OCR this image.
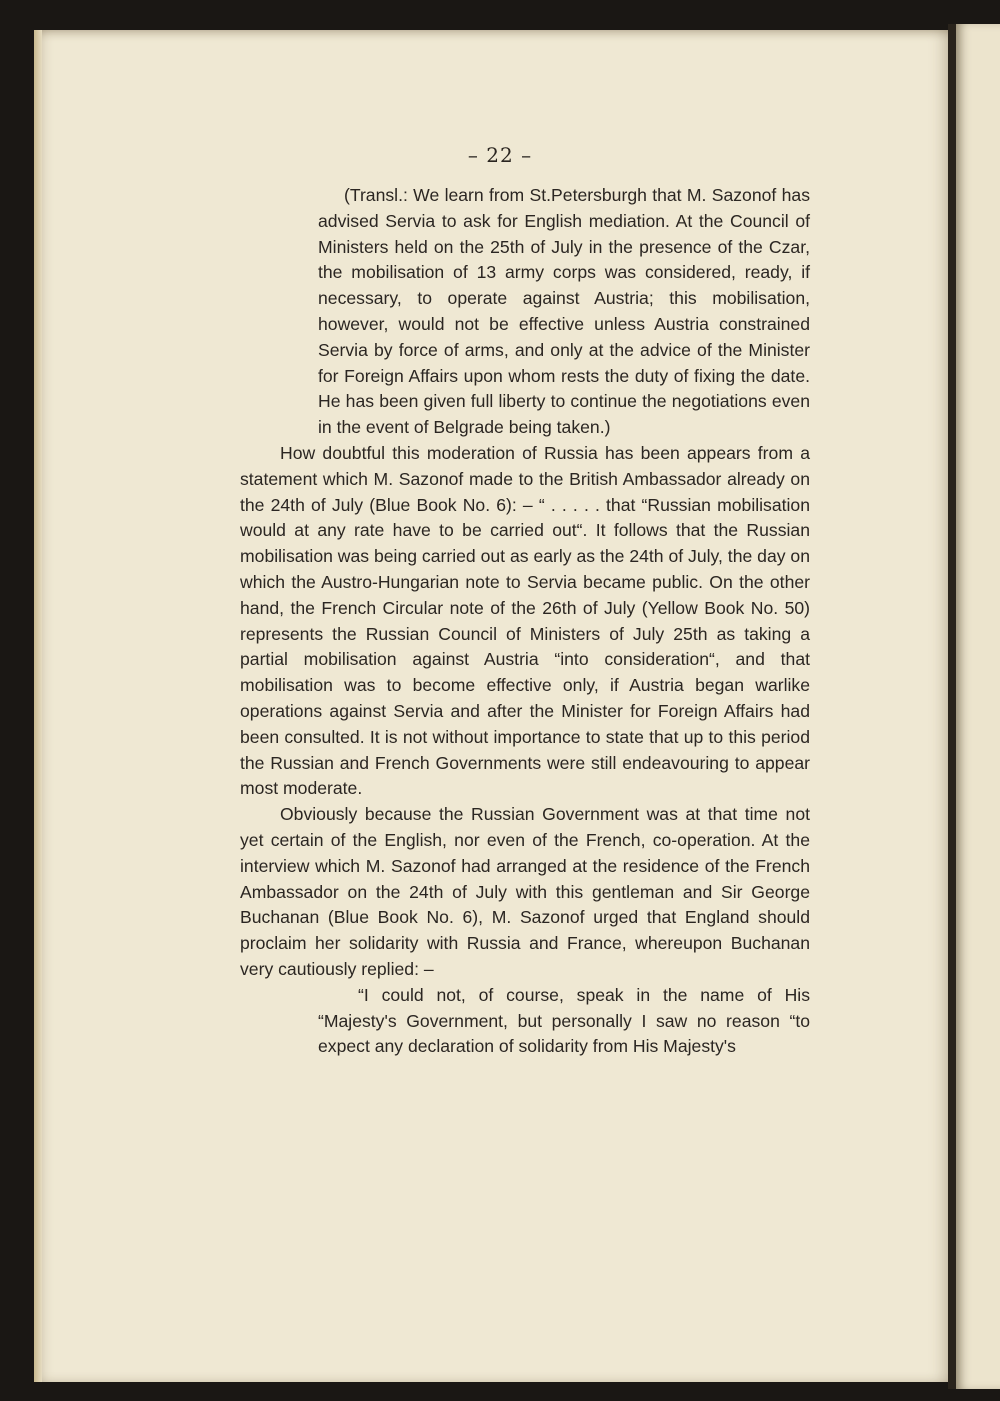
– 22 –

(Transl.: We learn from St.Petersburgh that M. Sazonof has advised Servia to ask for English mediation. At the Council of Ministers held on the 25th of July in the presence of the Czar, the mobilisation of 13 army corps was considered, ready, if necessary, to operate against Austria; this mobilisation, however, would not be effective unless Austria constrained Servia by force of arms, and only at the advice of the Minister for Foreign Affairs upon whom rests the duty of fixing the date. He has been given full liberty to continue the negotiations even in the event of Belgrade being taken.)

How doubtful this moderation of Russia has been appears from a statement which M. Sazonof made to the British Ambassador already on the 24th of July (Blue Book No. 6): – “ . . . . . that “Russian mobilisation would at any rate have to be carried out“. It follows that the Russian mobilisation was being carried out as early as the 24th of July, the day on which the Austro-Hungarian note to Servia became public. On the other hand, the French Circular note of the 26th of July (Yellow Book No. 50) represents the Russian Council of Ministers of July 25th as taking a partial mobilisation against Austria “into consideration“, and that mobilisation was to become effective only, if Austria began warlike operations against Servia and after the Minister for Foreign Affairs had been consulted. It is not without importance to state that up to this period the Russian and French Governments were still endeavouring to appear most moderate.

Obviously because the Russian Government was at that time not yet certain of the English, nor even of the French, co-operation. At the interview which M. Sazonof had arranged at the residence of the French Ambassador on the 24th of July with this gentleman and Sir George Buchanan (Blue Book No. 6), M. Sazonof urged that England should proclaim her solidarity with Russia and France, whereupon Buchanan very cautiously replied: –

“I could not, of course, speak in the name of His “Majesty's Government, but personally I saw no reason “to expect any declaration of solidarity from His Majesty's
